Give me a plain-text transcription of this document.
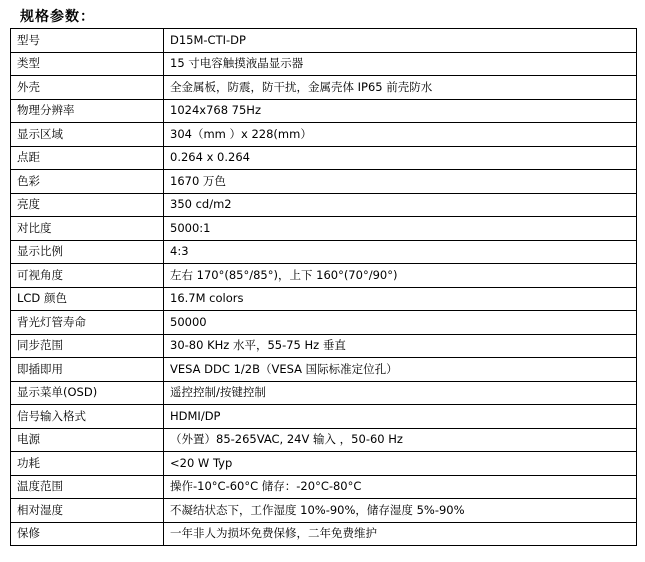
规格参数：
型号	D15M-CTI-DP
类型	15 寸电容触摸液晶显示器
外壳	全金属板，防震，防干扰，金属壳体 IP65 前壳防水
物理分辨率	1024x768 75Hz
显示区域	304（mm ）x 228(mm）
点距	0.264 x 0.264
色彩	1670 万色
亮度	350 cd/m2
对比度	5000:1
显示比例	4:3
可视角度	左右 170°(85°/85°)，上下 160°(70°/90°)
LCD 颜色	16.7M colors
背光灯管寿命	50000
同步范围	30-80 KHz 水平，55-75 Hz 垂直
即插即用	VESA DDC 1/2B（VESA 国际标准定位孔）
显示菜单(OSD)	遥控控制/按键控制
信号输入格式	HDMI/DP
电源	（外置）85-265VAC, 24V 输入 ，50-60 Hz
功耗	<20 W Typ
温度范围	操作-10°C-60°C 储存：-20°C-80°C
相对湿度	不凝结状态下，工作湿度 10%-90%，储存湿度 5%-90%
保修	一年非人为损坏免费保修，二年免费维护
